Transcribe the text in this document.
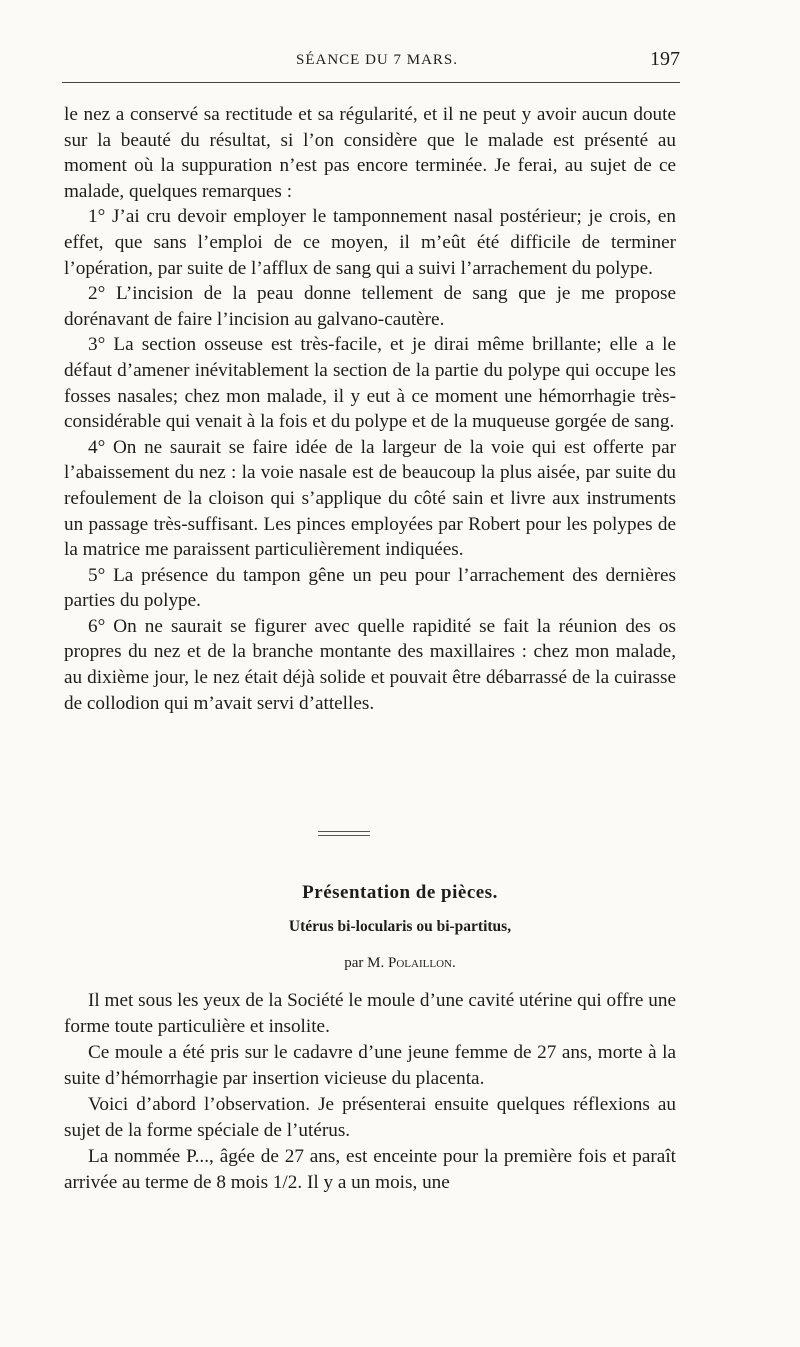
SÉANCE DU 7 MARS.	197

le nez a conservé sa rectitude et sa régularité, et il ne peut y avoir aucun doute sur la beauté du résultat, si l’on considère que le malade est présenté au moment où la suppuration n’est pas encore terminée. Je ferai, au sujet de ce malade, quelques remarques :

1° J’ai cru devoir employer le tamponnement nasal postérieur; je crois, en effet, que sans l’emploi de ce moyen, il m’eût été difficile de terminer l’opération, par suite de l’afflux de sang qui a suivi l’arrachement du polype.

2° L’incision de la peau donne tellement de sang que je me propose dorénavant de faire l’incision au galvano-cautère.

3° La section osseuse est très-facile, et je dirai même brillante; elle a le défaut d’amener inévitablement la section de la partie du polype qui occupe les fosses nasales; chez mon malade, il y eut à ce moment une hémorrhagie très-considérable qui venait à la fois et du polype et de la muqueuse gorgée de sang.

4° On ne saurait se faire idée de la largeur de la voie qui est offerte par l’abaissement du nez : la voie nasale est de beaucoup la plus aisée, par suite du refoulement de la cloison qui s’applique du côté sain et livre aux instruments un passage très-suffisant. Les pinces employées par Robert pour les polypes de la matrice me paraissent particulièrement indiquées.

5° La présence du tampon gêne un peu pour l’arrachement des dernières parties du polype.

6° On ne saurait se figurer avec quelle rapidité se fait la réunion des os propres du nez et de la branche montante des maxillaires : chez mon malade, au dixième jour, le nez était déjà solide et pouvait être débarrassé de la cuirasse de collodion qui m’avait servi d’attelles.

Présentation de pièces.
Utérus bi-locularis ou bi-partitus,
par M. Polaillon.

Il met sous les yeux de la Société le moule d’une cavité utérine qui offre une forme toute particulière et insolite.

Ce moule a été pris sur le cadavre d’une jeune femme de 27 ans, morte à la suite d’hémorrhagie par insertion vicieuse du placenta.

Voici d’abord l’observation. Je présenterai ensuite quelques réflexions au sujet de la forme spéciale de l’utérus.

La nommée P..., âgée de 27 ans, est enceinte pour la première fois et paraît arrivée au terme de 8 mois 1/2. Il y a un mois, une
